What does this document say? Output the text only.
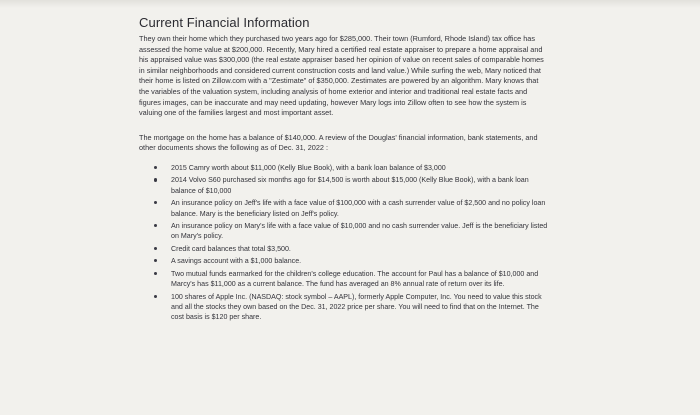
Current Financial Information

They own their home which they purchased two years ago for $285,000. Their town (Rumford, Rhode Island) tax office has assessed the home value at $200,000. Recently, Mary hired a certified real estate appraiser to prepare a home appraisal and his appraised value was $300,000 (the real estate appraiser based her opinion of value on recent sales of comparable homes in similar neighborhoods and considered current construction costs and land value.) While surfing the web, Mary noticed that their home is listed on Zillow.com with a "Zestimate" of $350,000. Zestimates are powered by an algorithm. Mary knows that the variables of the valuation system, including analysis of home exterior and interior and traditional real estate facts and figures images, can be inaccurate and may need updating, however Mary logs into Zillow often to see how the system is valuing one of the families largest and most important asset.

The mortgage on the home has a balance of $140,000. A review of the Douglas' financial information, bank statements, and other documents shows the following as of Dec. 31, 2022 :

2015 Camry worth about $11,000 (Kelly Blue Book), with a bank loan balance of $3,000
2014 Volvo S60 purchased six months ago for $14,500 is worth about $15,000 (Kelly Blue Book), with a bank loan balance of $10,000
An insurance policy on Jeff's life with a face value of $100,000 with a cash surrender value of $2,500 and no policy loan balance. Mary is the beneficiary listed on Jeff's policy.
An insurance policy on Mary's life with a face value of $10,000 and no cash surrender value. Jeff is the beneficiary listed on Mary's policy.
Credit card balances that total $3,500.
A savings account with a $1,000 balance.
Two mutual funds earmarked for the children's college education. The account for Paul has a balance of $10,000 and Marcy's has $11,000 as a current balance. The fund has averaged an 8% annual rate of return over its life.
100 shares of Apple Inc. (NASDAQ: stock symbol – AAPL), formerly Apple Computer, Inc. You need to value this stock and all the stocks they own based on the Dec. 31, 2022 price per share. You will need to find that on the Internet. The cost basis is $120 per share.
